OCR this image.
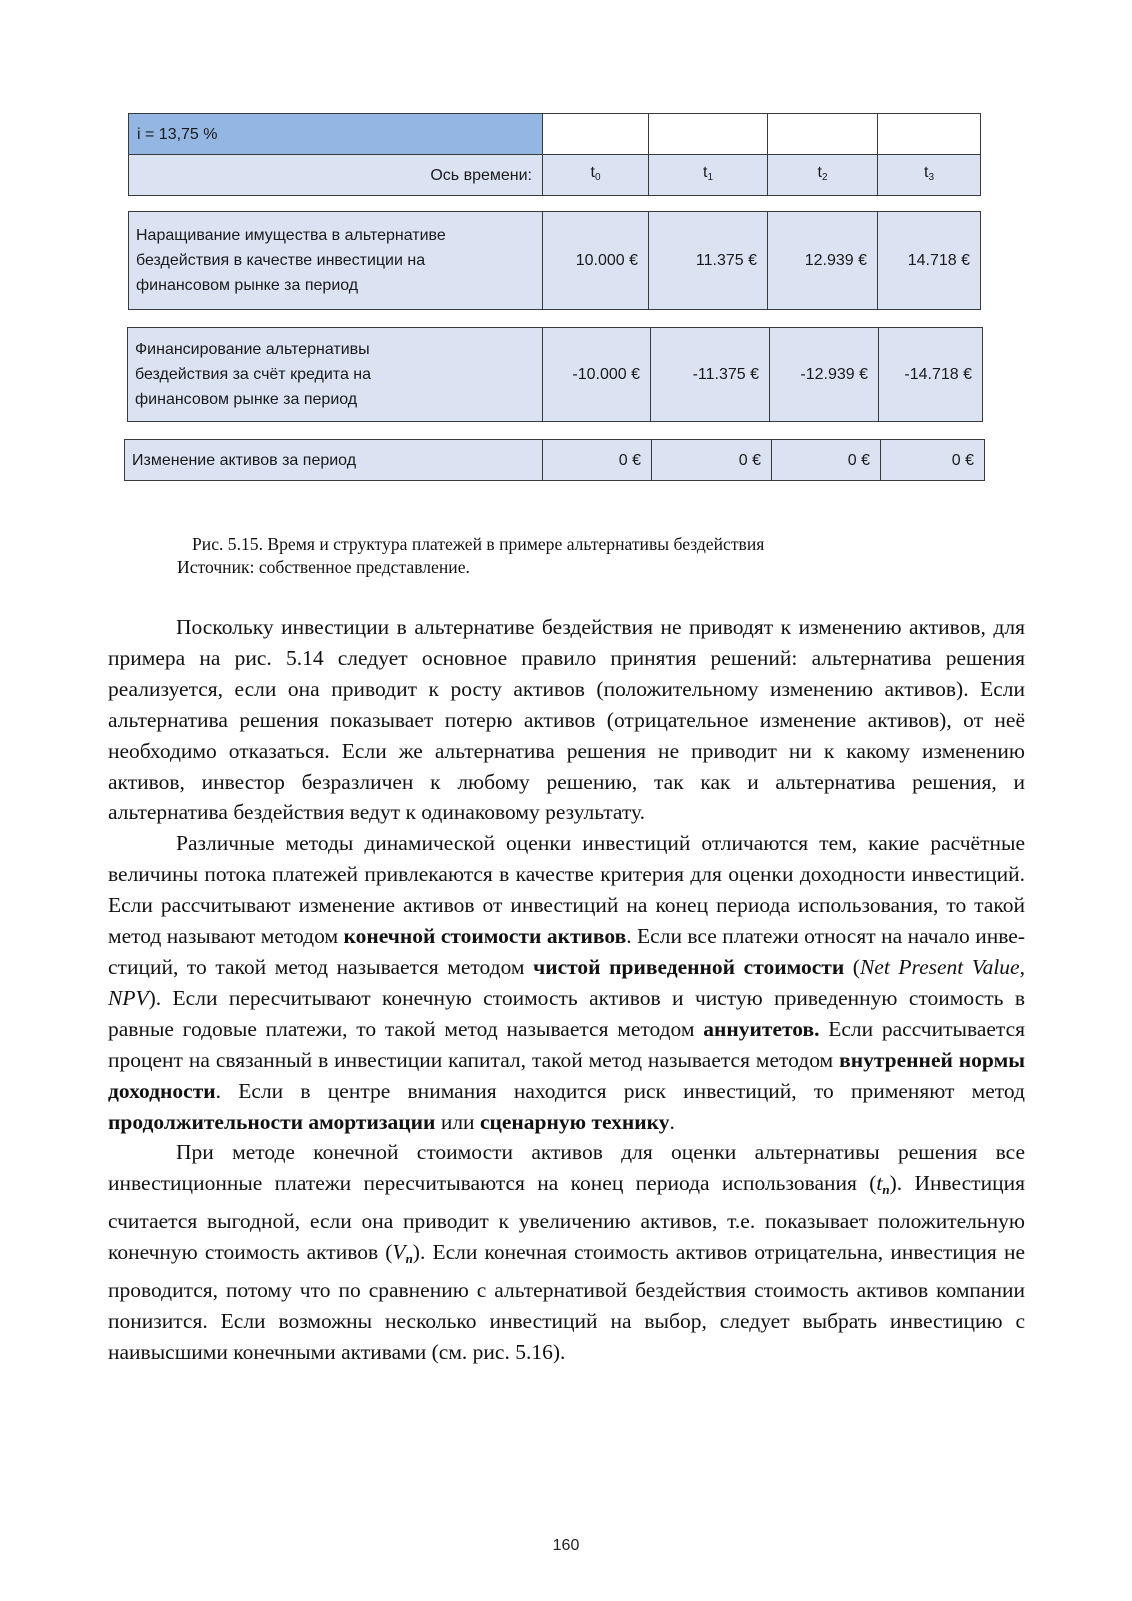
i = 13,75 %				
Ось времени:	$t_0$	$t_1$	$t_2$	$t_3$
Наращивание имущества в альтернативе
бездействия в качестве инвестиции на
финансовом рынке за период
	10.000 €	11.375 €	12.939 €	14.718 €
Финансирование альтернативы
бездействия за счёт кредита на
финансовом рынке за период
	-10.000 €	-11.375 €	-12.939 €	-14.718 €
Изменение активов за период	0 €	0 €	0 €	0 €
Рис. 5.15. Время и структура платежей в примере альтернативы бездействия
Источник: собственное представление.

Поскольку инвестиции в альтернативе бездействия не приводят к изменению активов, для примера на рис. 5.14 следует основное правило принятия решений: альтернатива решения реализуется, если она приводит к росту активов (положительному изменению активов). Если альтернатива решения показывает потерю активов (отрицательное изменение активов), от неё необходимо отказаться. Если же альтернатива решения не приводит ни к какому изменению активов, инвестор безразличен к любому решению, так как и альтернатива решения, и альтернатива бездействия ведут к одинаковому результату.

Различные методы динамической оценки инвестиций отличаются тем, какие расчётные величины потока платежей привлекаются в качестве критерия для оценки доходности инвестиций. Если рассчитывают изменение активов от инвестиций на конец периода использования, то такой метод называют методом конечной стоимости активов. Если все платежи относят на начало инвестиций, то такой метод называется методом чистой приведенной стоимости (Net Present Value, NPV). Если пересчитывают конечную стоимость активов и чистую приведенную стоимость в равные годовые платежи, то такой метод называется методом аннуитетов. Если рассчитывается процент на связанный в инвестиции капитал, такой метод называется методом внутренней нормы доходности. Если в центре внимания находится риск инвестиций, то применяют метод продолжительности амортизации или сценарную технику.

При методе конечной стоимости активов для оценки альтернативы решения все инвестиционные платежи пересчитываются на конец периода использования $(t_n)$. Инвестиция считается выгодной, если она приводит к увеличению активов, т.е. показывает положительную конечную стоимость активов $(V_n)$. Если конечная стоимость активов отрицательна, инвестиция не проводится, потому что по сравнению с альтернативой бездействия стоимость активов компании понизится. Если возможны несколько инвестиций на выбор, следует выбрать инвестицию с наивысшими конечными активами (см. рис. 5.16).

160
